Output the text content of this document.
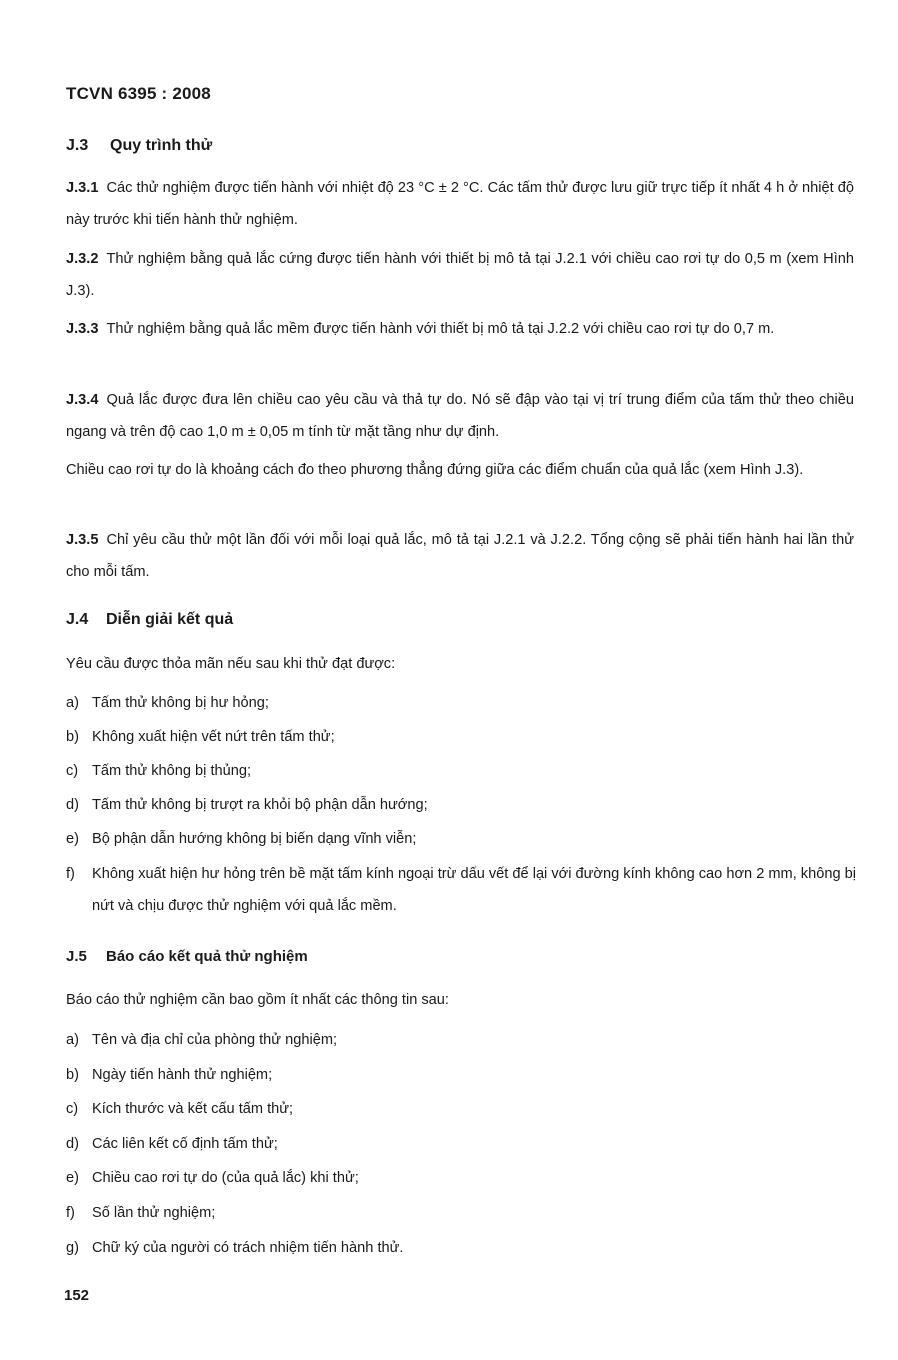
TCVN 6395 : 2008
J.3 Quy trình thử
J.3.1 Các thử nghiệm được tiến hành với nhiệt độ 23 °C ± 2 °C. Các tấm thử được lưu giữ trực tiếp ít nhất 4 h ở nhiệt độ này trước khi tiến hành thử nghiệm.
J.3.2 Thử nghiệm bằng quả lắc cứng được tiến hành với thiết bị mô tả tại J.2.1 với chiều cao rơi tự do 0,5 m (xem Hình J.3).
J.3.3 Thử nghiệm bằng quả lắc mềm được tiến hành với thiết bị mô tả tại J.2.2 với chiều cao rơi tự do 0,7 m.
J.3.4 Quả lắc được đưa lên chiều cao yêu cầu và thả tự do. Nó sẽ đập vào tại vị trí trung điểm của tấm thử theo chiều ngang và trên độ cao 1,0 m ± 0,05 m tính từ mặt tầng như dự định.
Chiều cao rơi tự do là khoảng cách đo theo phương thẳng đứng giữa các điểm chuẩn của quả lắc (xem Hình J.3).
J.3.5 Chỉ yêu cầu thử một lần đối với mỗi loại quả lắc, mô tả tại J.2.1 và J.2.2. Tổng cộng sẽ phải tiến hành hai lần thử cho mỗi tấm.
J.4 Diễn giải kết quả
Yêu cầu được thỏa mãn nếu sau khi thử đạt được:
a) Tấm thử không bị hư hỏng;
b) Không xuất hiện vết nứt trên tấm thử;
c) Tấm thử không bị thủng;
d) Tấm thử không bị trượt ra khỏi bộ phận dẫn hướng;
e) Bộ phận dẫn hướng không bị biến dạng vĩnh viễn;
f) Không xuất hiện hư hỏng trên bề mặt tấm kính ngoại trừ dấu vết để lại với đường kính không cao hơn 2 mm, không bị nứt và chịu được thử nghiệm với quả lắc mềm.
J.5 Báo cáo kết quả thử nghiệm
Báo cáo thử nghiệm cần bao gồm ít nhất các thông tin sau:
a) Tên và địa chỉ của phòng thử nghiệm;
b) Ngày tiến hành thử nghiệm;
c) Kích thước và kết cấu tấm thử;
d) Các liên kết cố định tấm thử;
e) Chiều cao rơi tự do (của quả lắc) khi thử;
f) Số lần thử nghiệm;
g) Chữ ký của người có trách nhiệm tiến hành thử.
152
